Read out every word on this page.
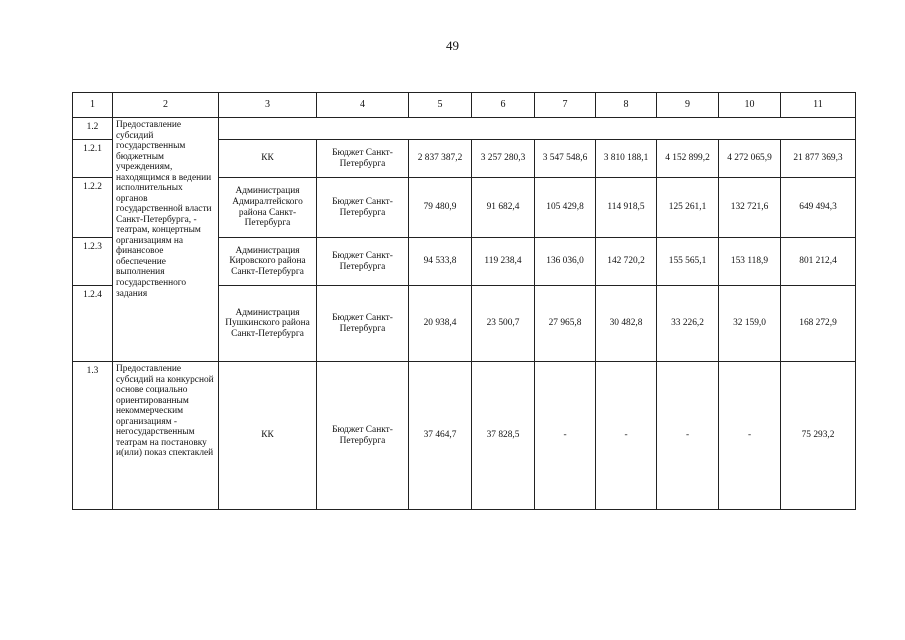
49
1	2	3	4	5	6	7	8	9	10	11
1.2	Предоставление субсидий государственным бюджетным учреждениям, находящимся в ведении исполнительных органов государственной власти Санкт-Петербурга, - театрам, концертным организациям на финансовое обеспечение выполнения государственного задания									
1.2.1		КК	Бюджет Санкт-Петербурга	2 837 387,2	3 257 280,3	3 547 548,6	3 810 188,1	4 152 899,2	4 272 065,9	21 877 369,3
1.2.2		Администрация Адмиралтейского района Санкт-Петербурга	Бюджет Санкт-Петербурга	79 480,9	91 682,4	105 429,8	114 918,5	125 261,1	132 721,6	649 494,3
1.2.3		Администрация Кировского района Санкт-Петербурга	Бюджет Санкт-Петербурга	94 533,8	119 238,4	136 036,0	142 720,2	155 565,1	153 118,9	801 212,4
1.2.4		Администрация Пушкинского района Санкт-Петербурга	Бюджет Санкт-Петербурга	20 938,4	23 500,7	27 965,8	30 482,8	33 226,2	32 159,0	168 272,9
1.3	Предоставление субсидий на конкурсной основе социально ориентированным некоммерческим организациям - негосударственным театрам на постановку и(или) показ спектаклей	КК	Бюджет Санкт-Петербурга	37 464,7	37 828,5	-	-	-	-	75 293,2
